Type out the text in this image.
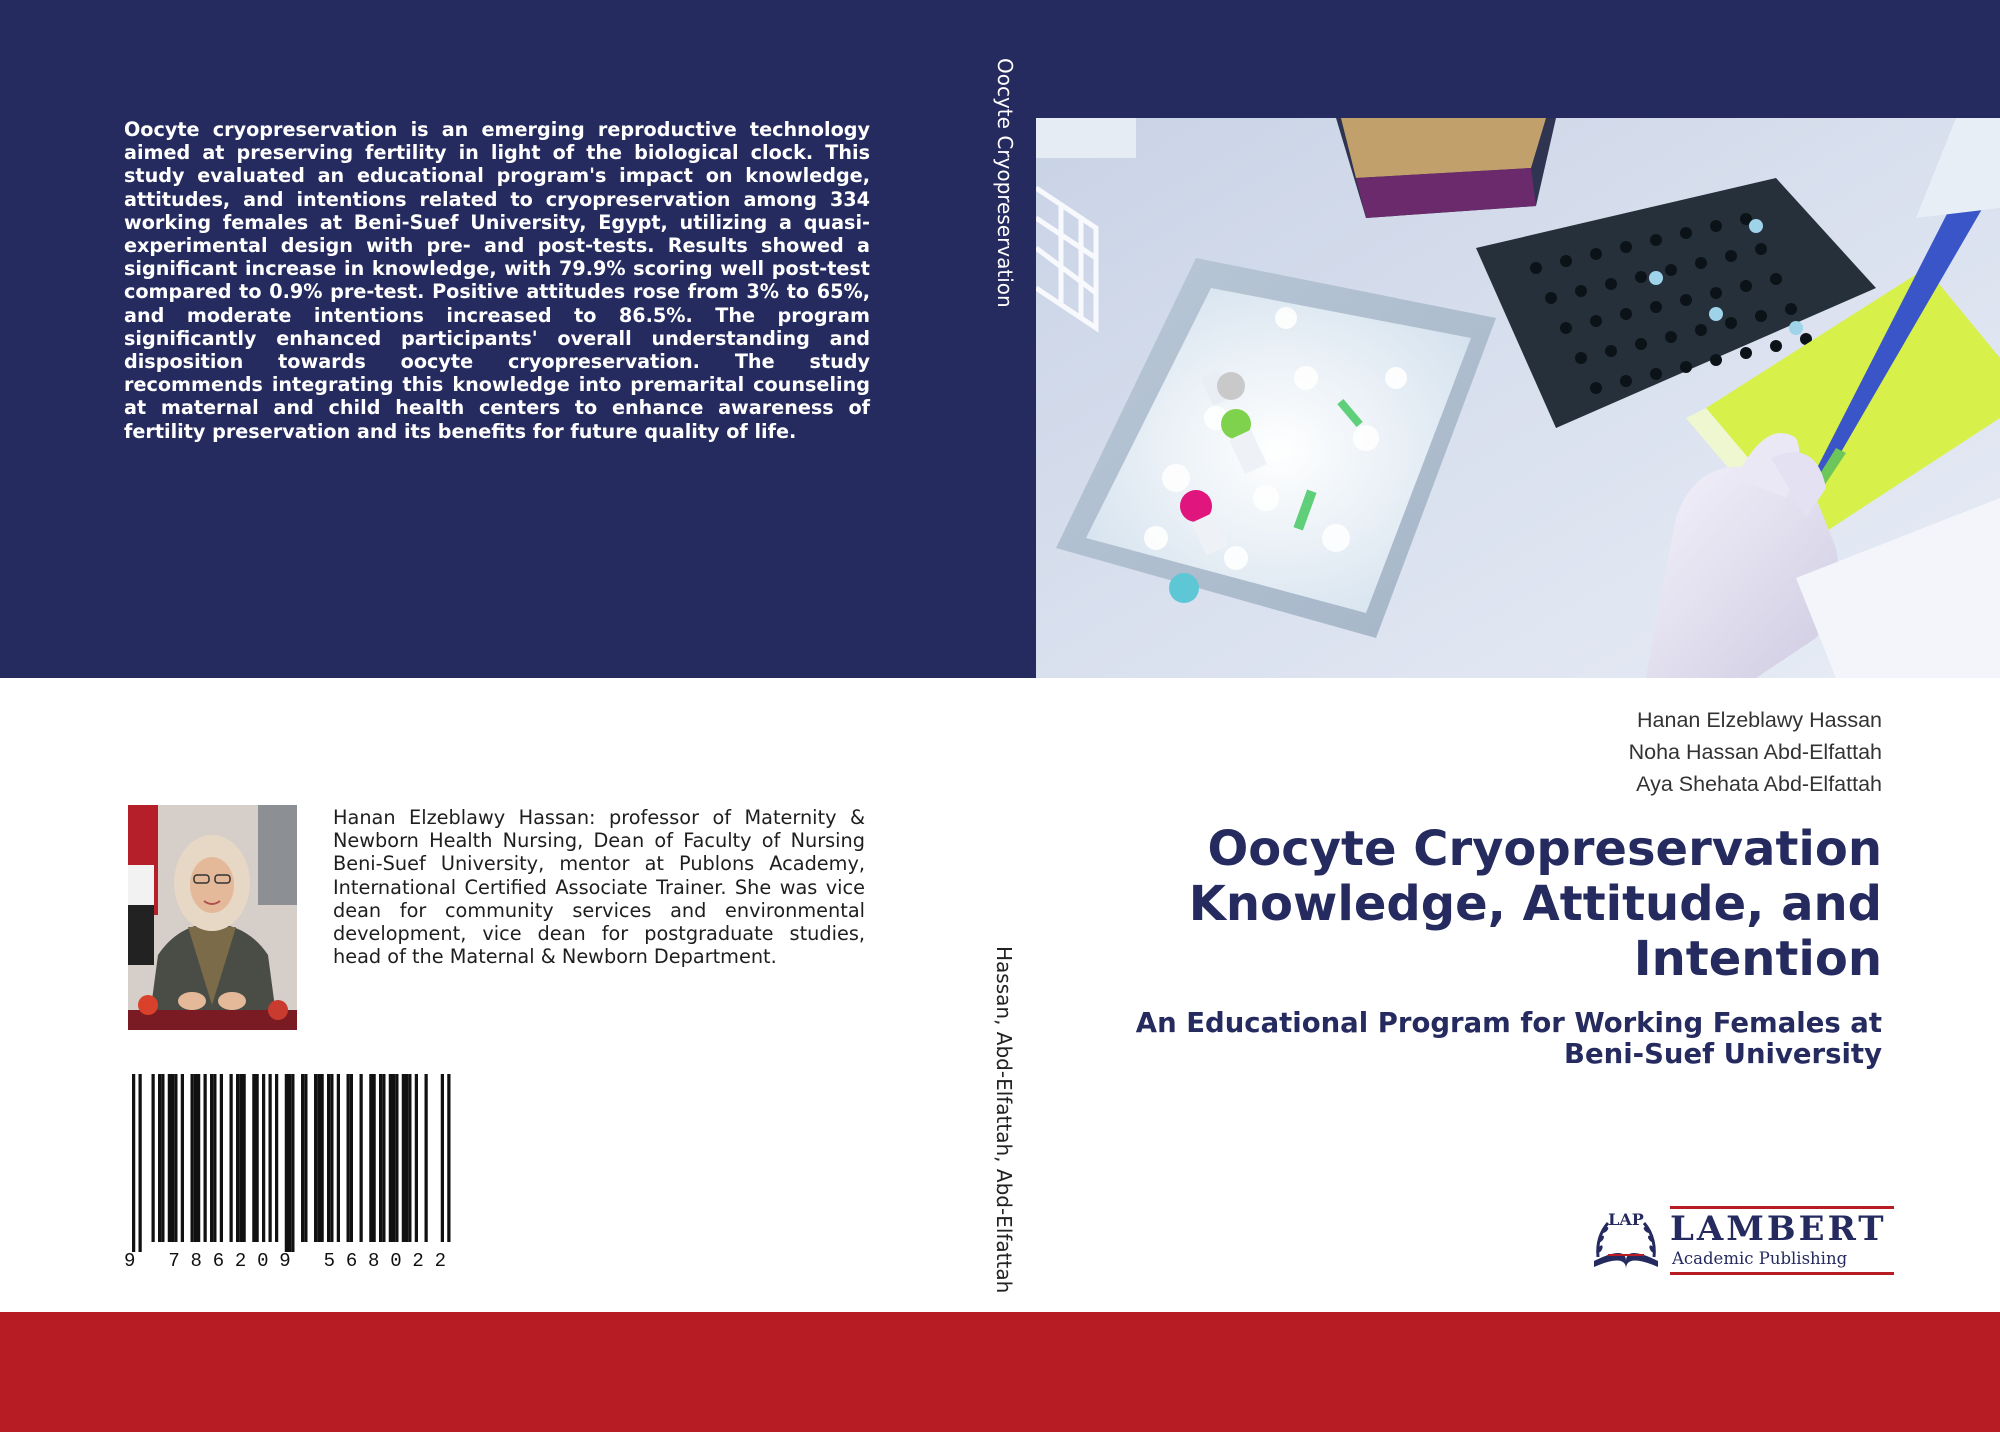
Oocyte cryopreservation is an emerging reproductive technology aimed at preserving fertility in light of the biological clock. This study evaluated an educational program's impact on knowledge, attitudes, and intentions related to cryopreservation among 334 working females at Beni-Suef University, Egypt, utilizing a quasi-experimental design with pre- and post-tests. Results showed a significant increase in knowledge, with 79.9% scoring well post-test compared to 0.9% pre-test. Positive attitudes rose from 3% to 65%, and moderate intentions increased to 86.5%. The program significantly enhanced participants' overall understanding and disposition towards oocyte cryopreservation. The study recommends integrating this knowledge into premarital counseling at maternal and child health centers to enhance awareness of fertility preservation and its benefits for future quality of life.

Oocyte Cryopreservation
Hassan, Abd-Elfattah, Abd-Elfattah

Hanan Elzeblawy Hassan: professor of Maternity & Newborn Health Nursing, Dean of Faculty of Nursing Beni-Suef University, mentor at Publons Academy, International Certified Associate Trainer. She was vice dean for community services and environmental development, vice dean for postgraduate studies, head of the Maternal & Newborn Department.

9 786209 568022
Hanan Elzeblawy Hassan
Noha Hassan Abd-Elfattah
Aya Shehata Abd-Elfattah
Oocyte Cryopreservation
Knowledge, Attitude, and
Intention
An Educational Program for Working Females at
Beni-Suef University
LAP LAMBERT
Academic Publishing
